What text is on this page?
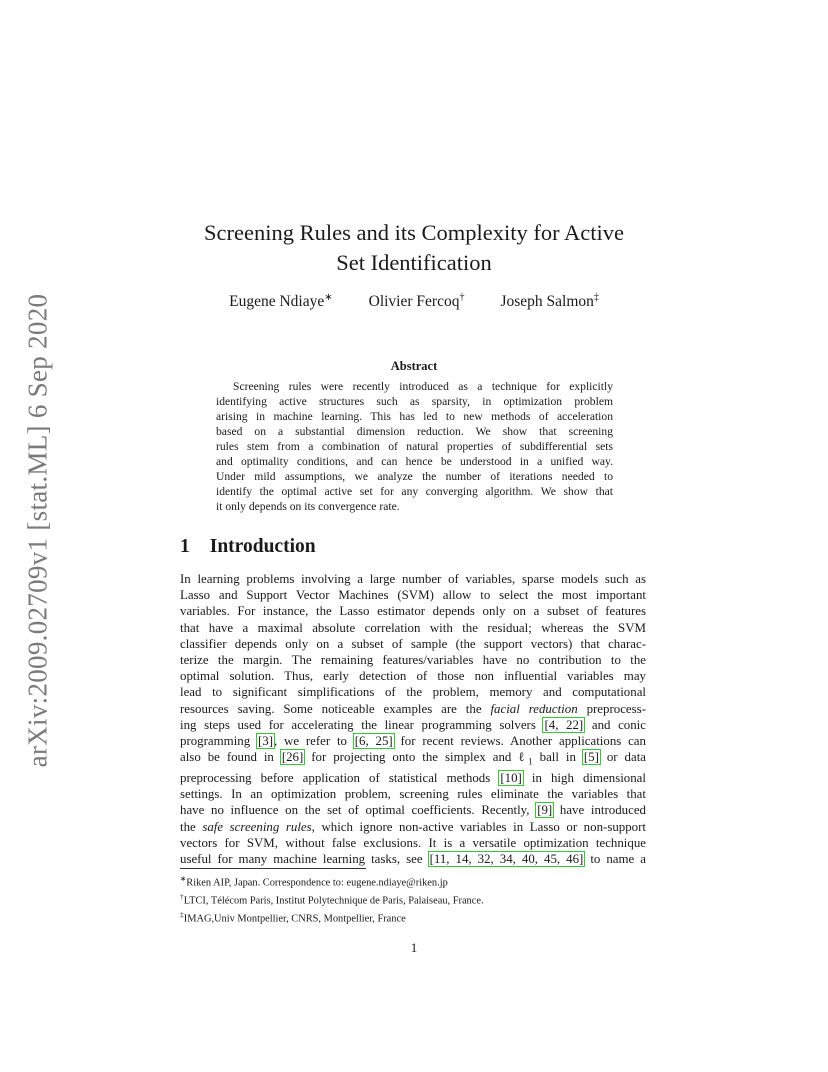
arXiv:2009.02709v1 [stat.ML] 6 Sep 2020
Screening Rules and its Complexity for Active
Set Identification
Eugene Ndiaye∗ Olivier Fercoq† Joseph Salmon‡
Abstract
Screening rules were recently introduced as a technique for explicitly
identifying active structures such as sparsity, in optimization problem
arising in machine learning. This has led to new methods of acceleration
based on a substantial dimension reduction. We show that screening
rules stem from a combination of natural properties of subdifferential sets
and optimality conditions, and can hence be understood in a unified way.
Under mild assumptions, we analyze the number of iterations needed to
identify the optimal active set for any converging algorithm. We show that
it only depends on its convergence rate.
1 Introduction
In learning problems involving a large number of variables, sparse models such as
Lasso and Support Vector Machines (SVM) allow to select the most important
variables. For instance, the Lasso estimator depends only on a subset of features
that have a maximal absolute correlation with the residual; whereas the SVM
classifier depends only on a subset of sample (the support vectors) that charac-
terize the margin. The remaining features/variables have no contribution to the
optimal solution. Thus, early detection of those non influential variables may
lead to significant simplifications of the problem, memory and computational
resources saving. Some noticeable examples are the facial reduction preprocess-
ing steps used for accelerating the linear programming solvers [4, 22] and conic
programming [3], we refer to [6, 25] for recent reviews. Another applications can
also be found in [26] for projecting onto the simplex and ℓ$_1$ ball in [5] or data
preprocessing before application of statistical methods [10] in high dimensional
settings. In an optimization problem, screening rules eliminate the variables that
have no influence on the set of optimal coefficients. Recently, [9] have introduced
the safe screening rules, which ignore non-active variables in Lasso or non-support
vectors for SVM, without false exclusions. It is a versatile optimization technique
useful for many machine learning tasks, see [11, 14, 32, 34, 40, 45, 46] to name a
∗Riken AIP, Japan. Correspondence to: eugene.ndiaye@riken.jp
†LTCI, Télécom Paris, Institut Polytechnique de Paris, Palaiseau, France.
‡IMAG,Univ Montpellier, CNRS, Montpellier, France
1
